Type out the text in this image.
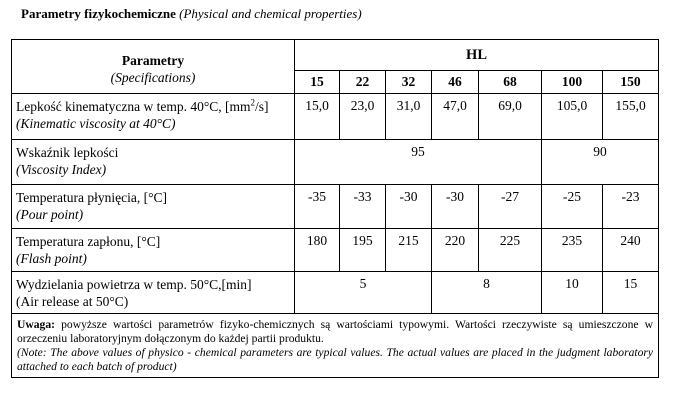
Parametry fizykochemiczne (Physical and chemical properties)
Parametry
(Specifications)	HL						
	15	22	32	46	68	100	150

Lepkość kinematyczna w temp. 40°C, $[mm^2/s]$
(Kinematic viscosity at 40°C)	15,0	23,0	31,0	47,0	69,0	105,0	155,0

Wskaźnik lepkości
(Viscosity Index)	95					90	

Temperatura płynięcia, [°C]
(Pour point)	-35	-33	-30	-30	-27	-25	-23

Temperatura zapłonu, [°C]
(Flash point)	180	195	215	220	225	235	240

Wydzielania powietrza w temp. 50°C,[min]
(Air release at 50°C)	5			8		10	15
Uwaga: powyższe wartości parametrów fizyko-chemicznych są wartościami typowymi. Wartości rzeczywiste są umieszczone w orzeczeniu laboratoryjnym dołączonym do każdej partii produktu.
(Note: The above values of physico - chemical parameters are typical values. The actual values are placed in the judgment laboratory attached to each batch of product)							
